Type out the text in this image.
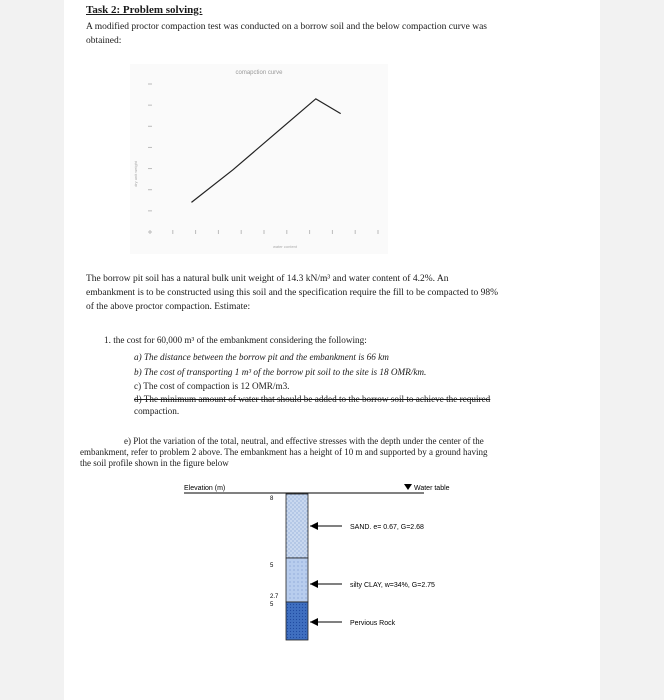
Task 2: Problem solving:
A modified proctor compaction test was conducted on a borrow soil and the below compaction curve was
obtained:
comapction curve
water content
dry unit weight
The borrow pit soil has a natural bulk unit weight of 14.3 kN/m³ and water content of 4.2%. An
embankment is to be constructed using this soil and the specification require the fill to be compacted to 98%
of the above proctor compaction. Estimate:
1. the cost for 60,000 m³ of the embankment considering the following:
a) The distance between the borrow pit and the embankment is 66 km
b) The cost of transporting 1 m³ of the borrow pit soil to the site is 18 OMR/km.
c) The cost of compaction is 12 OMR/m3.
d) The minimum amount of water that should be added to the borrow soil to achieve the required
compaction.
e) Plot the variation of the total, neutral, and effective stresses with the depth under the center of the
embankment, refer to problem 2 above. The embankment has a height of 10 m and supported by a ground having
the soil profile shown in the figure below
Elevation (m)	Water table
8
5
2.7
5
SAND. e= 0.67, G=2.68
silty CLAY, w=34%, G=2.75
Pervious Rock
